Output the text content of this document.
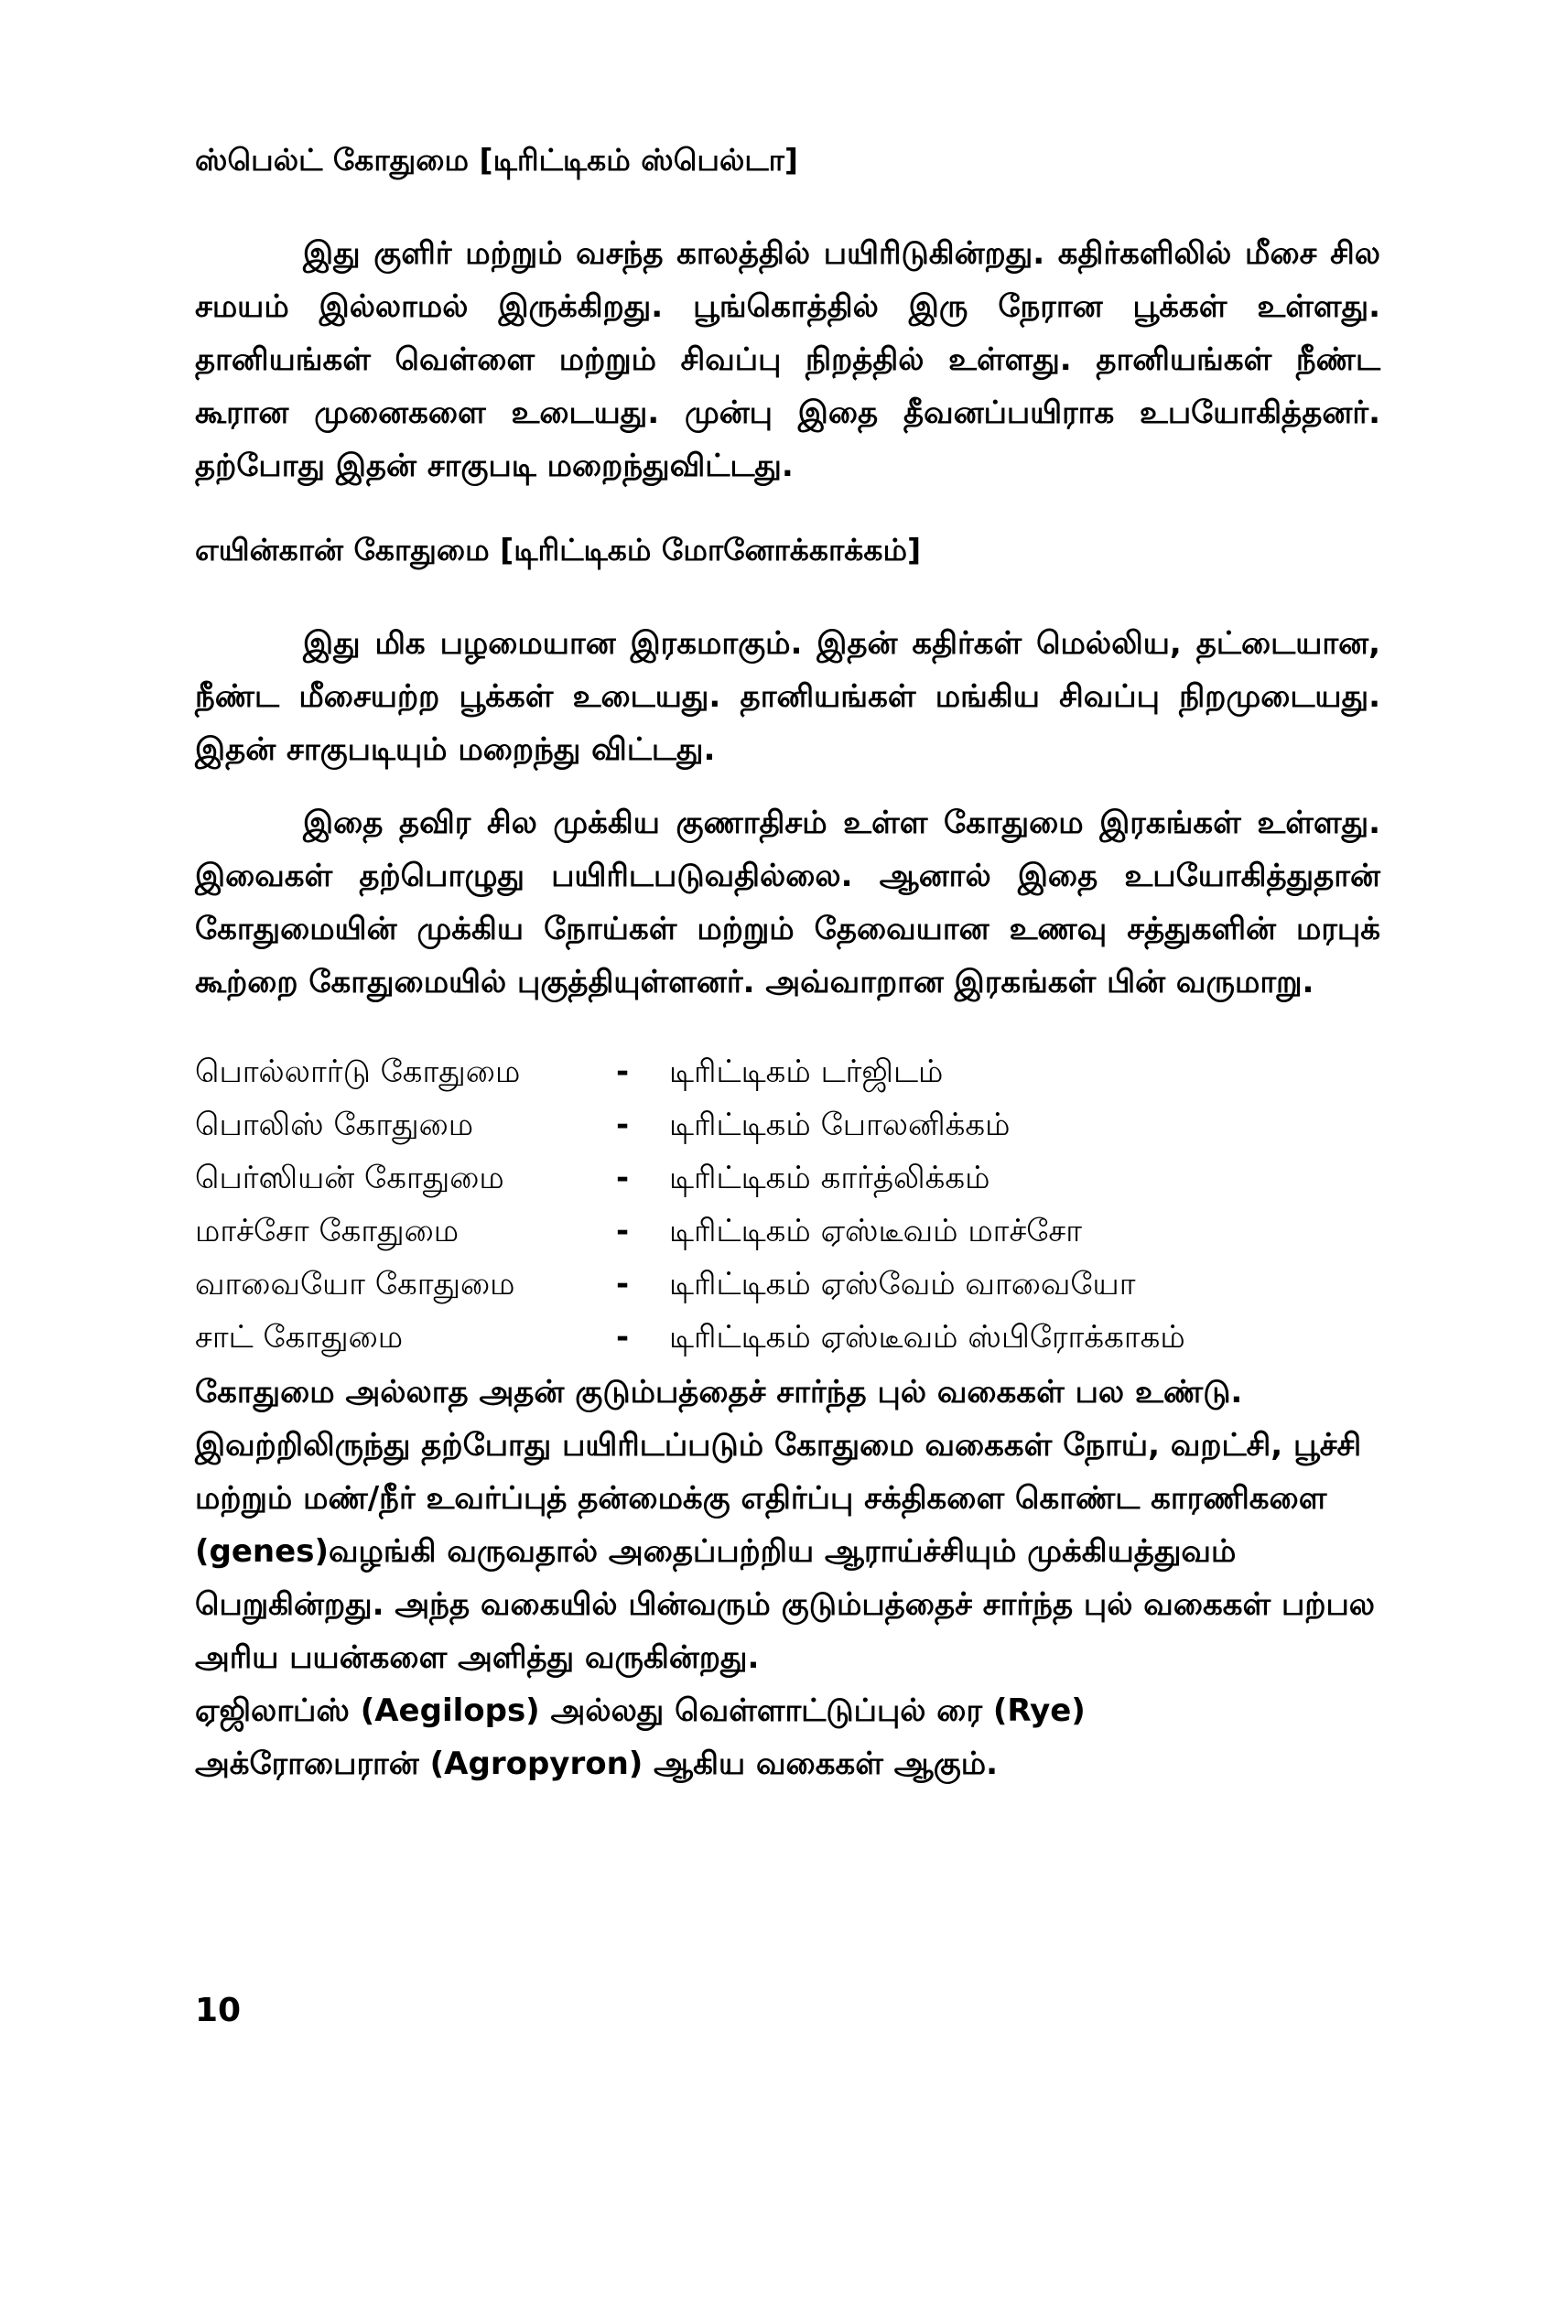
ஸ்பெல்ட் கோதுமை [டிரிட்டிகம் ஸ்பெல்டா]

இது குளிர் மற்றும் வசந்த காலத்தில் பயிரிடுகின்றது. கதிர்களிலில் மீசை சில சமயம் இல்லாமல் இருக்கிறது. பூங்கொத்தில் இரு நேரான பூக்கள் உள்ளது. தானியங்கள் வெள்ளை மற்றும் சிவப்பு நிறத்தில் உள்ளது. தானியங்கள் நீண்ட கூரான முனைகளை உடையது. முன்பு இதை தீவனப்பயிராக உபயோகித்தனர். தற்போது இதன் சாகுபடி மறைந்துவிட்டது.

எயின்கான் கோதுமை [டிரிட்டிகம் மோனோக்காக்கம்]

இது மிக பழமையான இரகமாகும். இதன் கதிர்கள் மெல்லிய, தட்டையான, நீண்ட மீசையற்ற பூக்கள் உடையது. தானியங்கள் மங்கிய சிவப்பு நிறமுடையது. இதன் சாகுபடியும் மறைந்து விட்டது.

இதை தவிர சில முக்கிய குணாதிசம் உள்ள கோதுமை இரகங்கள் உள்ளது. இவைகள் தற்பொழுது பயிரிடபடுவதில்லை. ஆனால் இதை உபயோகித்துதான் கோதுமையின் முக்கிய நோய்கள் மற்றும் தேவையான உணவு சத்துகளின் மரபுக் கூற்றை கோதுமையில் புகுத்தியுள்ளனர். அவ்வாறான இரகங்கள் பின் வருமாறு.

பொல்லார்டு கோதுமை	-	டிரிட்டிகம் டர்ஜிடம்
பொலிஸ் கோதுமை	-	டிரிட்டிகம் போலனிக்கம்
பெர்ஸியன் கோதுமை	-	டிரிட்டிகம் கார்த்லிக்கம்
மாச்சோ கோதுமை	-	டிரிட்டிகம் ஏஸ்டீவம் மாச்சோ
வாவையோ கோதுமை	-	டிரிட்டிகம் ஏஸ்வேம் வாவையோ
சாட் கோதுமை	-	டிரிட்டிகம் ஏஸ்டீவம் ஸ்பிரோக்காகம்

கோதுமை அல்லாத அதன் குடும்பத்தைச் சார்ந்த புல் வகைகள் பல உண்டு. இவற்றிலிருந்து தற்போது பயிரிடப்படும் கோதுமை வகைகள் நோய், வறட்சி, பூச்சி மற்றும் மண்/நீர் உவர்ப்புத் தன்மைக்கு எதிர்ப்பு சக்திகளை கொண்ட காரணிகளை (genes)வழங்கி வருவதால் அதைப்பற்றிய ஆராய்ச்சியும் முக்கியத்துவம் பெறுகின்றது. அந்த வகையில் பின்வரும் குடும்பத்தைச் சார்ந்த புல் வகைகள் பற்பல அரிய பயன்களை அளித்து வருகின்றது.

ஏஜிலாப்ஸ் (Aegilops) அல்லது வெள்ளாட்டுப்புல் ரை (Rye)

அக்ரோபைரான் (Agropyron) ஆகிய வகைகள் ஆகும்.

10
